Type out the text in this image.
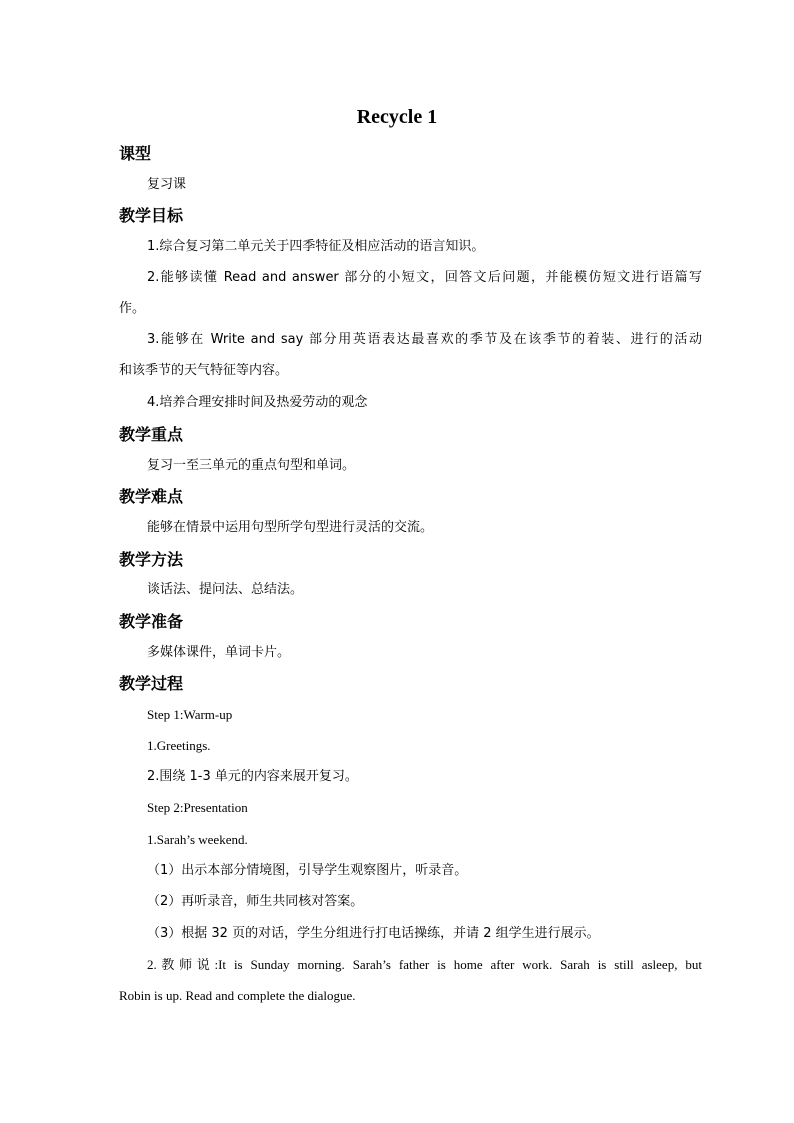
Recycle 1
课型
复习课
教学目标
1.综合复习第二单元关于四季特征及相应活动的语言知识。
2.能够读懂 Read and answer 部分的小短文，回答文后问题，并能模仿短文进行语篇写
作。
3.能够在 Write and say 部分用英语表达最喜欢的季节及在该季节的着装、进行的活动
和该季节的天气特征等内容。
4.培养合理安排时间及热爱劳动的观念
教学重点
复习一至三单元的重点句型和单词。
教学难点
能够在情景中运用句型所学句型进行灵活的交流。
教学方法
谈话法、提问法、总结法。
教学准备
多媒体课件，单词卡片。
教学过程
Step 1:Warm-up
1.Greetings.
2.围绕 1-3 单元的内容来展开复习。
Step 2:Presentation
1.Sarah’s weekend.
（1）出示本部分情境图，引导学生观察图片，听录音。
（2）再听录音，师生共同核对答案。
（3）根据 32 页的对话，学生分组进行打电话操练，并请 2 组学生进行展示。
2.教师说:It is Sunday morning. Sarah’s father is home after work. Sarah is still asleep, but
Robin is up. Read and complete the dialogue.
